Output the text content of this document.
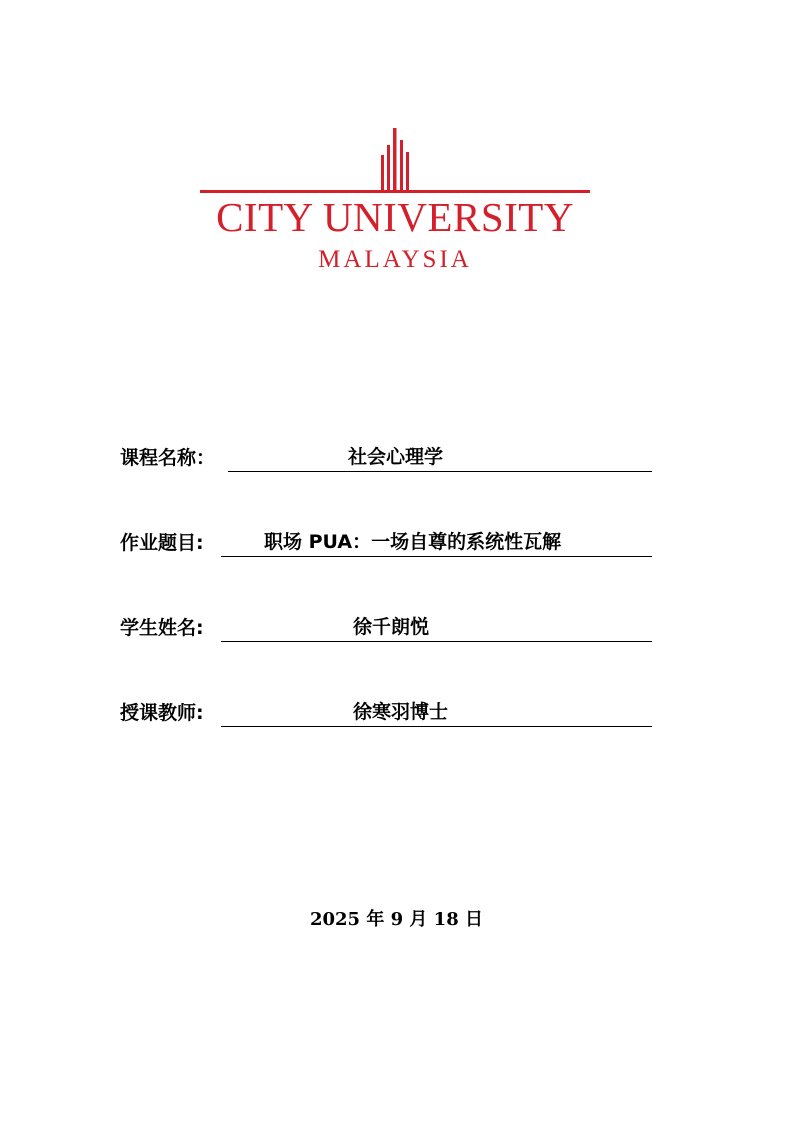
CITY UNIVERSITY
MALAYSIA
课程名称：	社会心理学
作业题目:	职场 PUA：一场自尊的系统性瓦解
学生姓名:	徐千朗悦
授课教师:	徐寒羽博士
2025 年 9 月 18 日
